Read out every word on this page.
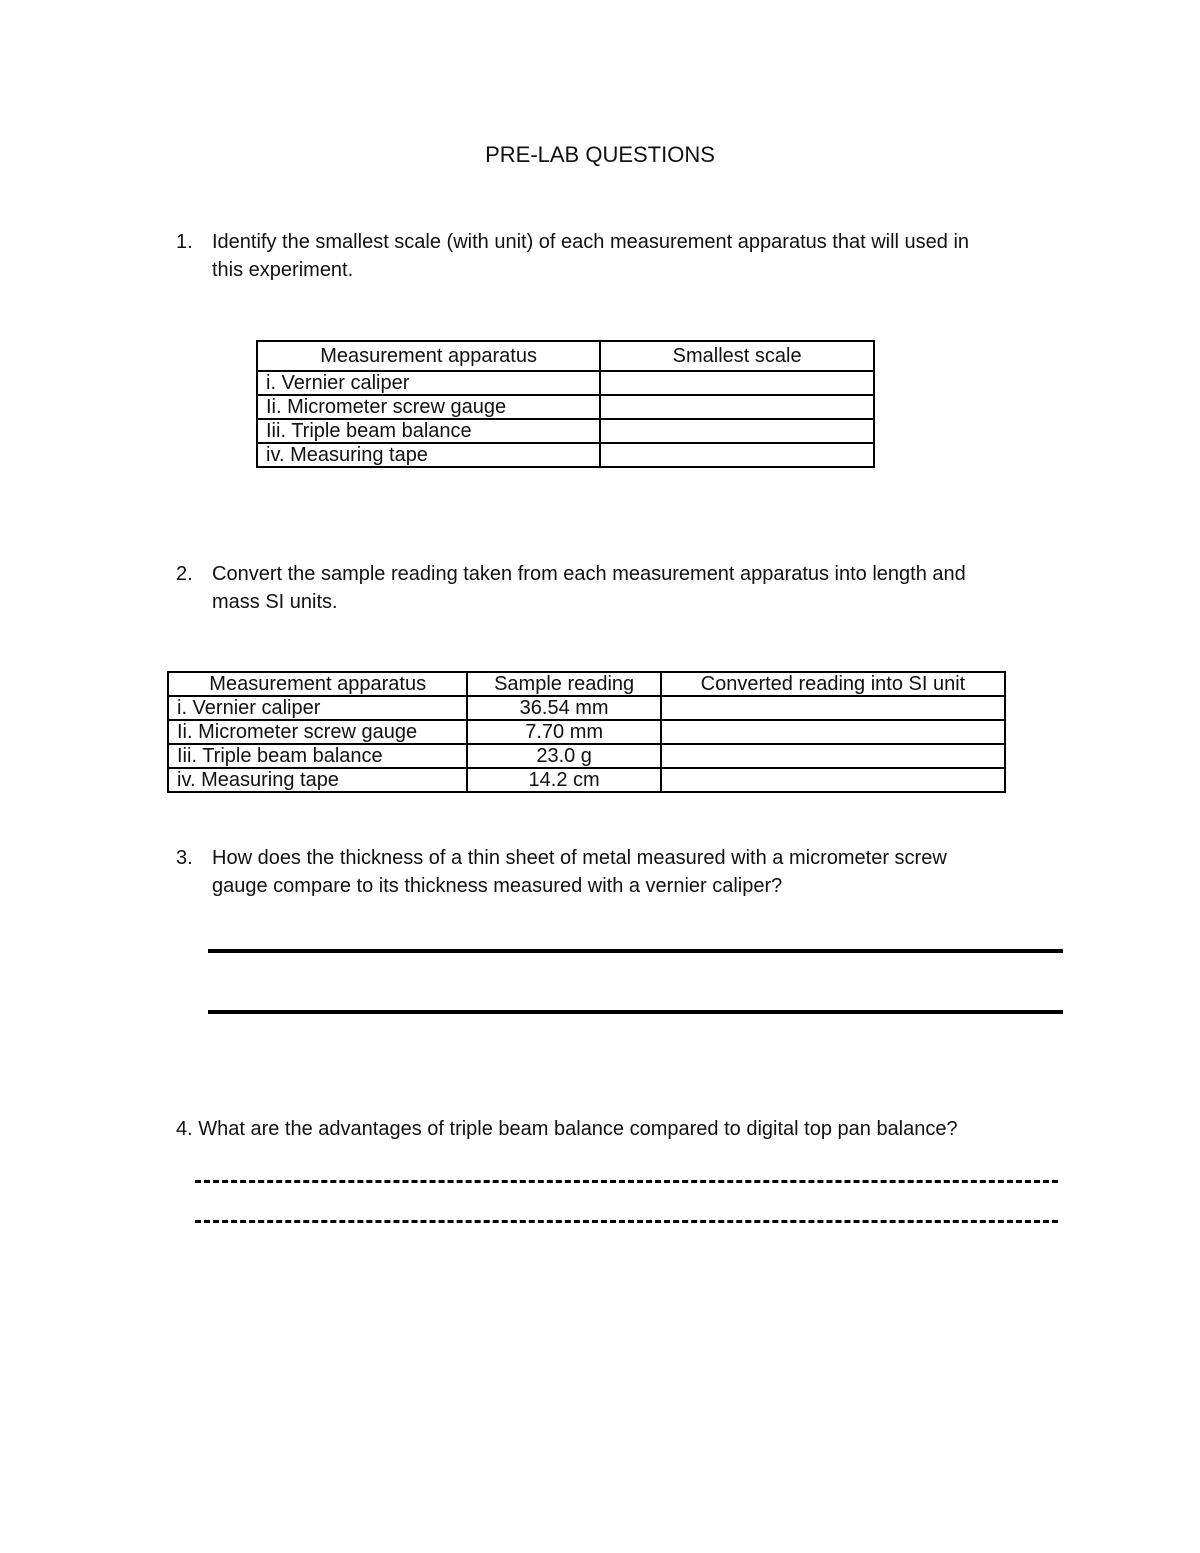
PRE-LAB QUESTIONS
1. Identify the smallest scale (with unit) of each measurement apparatus that will used in
this experiment.
Measurement apparatus	Smallest scale
i. Vernier caliper	
Ii. Micrometer screw gauge	
Iii. Triple beam balance	
iv. Measuring tape	
2. Convert the sample reading taken from each measurement apparatus into length and
mass SI units.
Measurement apparatus	Sample reading	Converted reading into SI unit
i. Vernier caliper	36.54 mm	
Ii. Micrometer screw gauge	7.70 mm	
Iii. Triple beam balance	23.0 g	
iv. Measuring tape	14.2 cm	
3. How does the thickness of a thin sheet of metal measured with a micrometer screw
gauge compare to its thickness measured with a vernier caliper?
4. What are the advantages of triple beam balance compared to digital top pan balance?
